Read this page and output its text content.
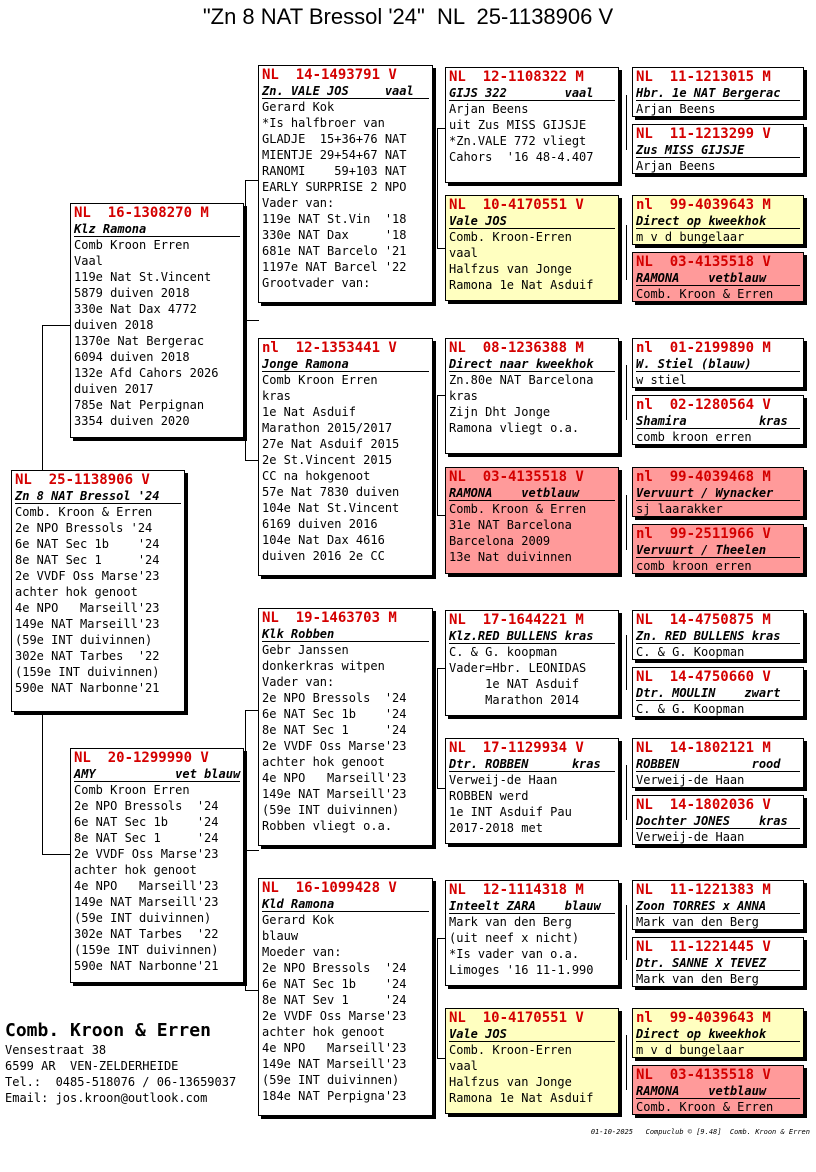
"Zn 8 NAT Bressol '24"  NL  25-1138906 V
NL  25-1138906 V
Zn 8 NAT Bressol '24
Comb. Kroon & Erren
2e NPO Bressols '24
6e NAT Sec 1b    '24
8e NAT Sec 1     '24
2e VVDF Oss Marse'23
achter hok genoot
4e NPO   Marseill'23
149e NAT Marseill'23
(59e INT duivinnen)
302e NAT Tarbes  '22
(159e INT duivinnen)
590e NAT Narbonne'21
NL  16-1308270 M
Klz Ramona
Comb Kroon Erren
Vaal
119e Nat St.Vincent
5879 duiven 2018
330e Nat Dax 4772
duiven 2018
1370e Nat Bergerac
6094 duiven 2018
132e Afd Cahors 2026
duiven 2017
785e Nat Perpignan
3354 duiven 2020
NL  20-1299990 V
AMY           vet blauw
Comb Kroon Erren
2e NPO Bressols  '24
6e NAT Sec 1b    '24
8e NAT Sec 1     '24
2e VVDF Oss Marse'23
achter hok genoot
4e NPO   Marseill'23
149e NAT Marseill'23
(59e INT duivinnen)
302e NAT Tarbes  '22
(159e INT duivinnen)
590e NAT Narbonne'21
NL  14-1493791 V
Zn. VALE JOS     vaal
Gerard Kok
*Is halfbroer van
GLADJE  15+36+76 NAT
MIENTJE 29+54+67 NAT
RANOMI    59+103 NAT
EARLY SURPRISE 2 NPO
Vader van:
119e NAT St.Vin  '18
330e NAT Dax     '18
681e NAT Barcelo '21
1197e NAT Barcel '22
Grootvader van:
nl  12-1353441 V
Jonge Ramona
Comb Kroon Erren
kras
1e Nat Asduif
Marathon 2015/2017
27e Nat Asduif 2015
2e St.Vincent 2015
CC na hokgenoot
57e Nat 7830 duiven
104e Nat St.Vincent
6169 duiven 2016
104e Nat Dax 4616
duiven 2016 2e CC
NL  19-1463703 M
Klk Robben
Gebr Janssen
donkerkras witpen
Vader van:
2e NPO Bressols  '24
6e NAT Sec 1b    '24
8e NAT Sec 1     '24
2e VVDF Oss Marse'23
achter hok genoot
4e NPO   Marseill'23
149e NAT Marseill'23
(59e INT duivinnen)
Robben vliegt o.a.
NL  16-1099428 V
Kld Ramona
Gerard Kok
blauw
Moeder van:
2e NPO Bressols  '24
6e NAT Sec 1b    '24
8e NAT Sev 1     '24
2e VVDF Oss Marse'23
achter hok genoot
4e NPO   Marseill'23
149e NAT Marseill'23
(59e INT duivinnen)
184e NAT Perpigna'23
NL  12-1108322 M
GIJS 322        vaal
Arjan Beens
uit Zus MISS GIJSJE
*Zn.VALE 772 vliegt
Cahors  '16 48-4.407
NL  10-4170551 V
Vale JOS
Comb. Kroon-Erren
vaal
Halfzus van Jonge
Ramona 1e Nat Asduif
NL  08-1236388 M
Direct naar kweekhok
Zn.80e NAT Barcelona
kras
Zijn Dht Jonge
Ramona vliegt o.a.
NL  03-4135518 V
RAMONA    vetblauw
Comb. Kroon & Erren
31e NAT Barcelona
Barcelona 2009
13e Nat duivinnen
NL  17-1644221 M
Klz.RED BULLENS kras
C. & G. koopman
Vader=Hbr. LEONIDAS
1e NAT Asduif
Marathon 2014
NL  17-1129934 V
Dtr. ROBBEN      kras
Verweij-de Haan
ROBBEN werd
1e INT Asduif Pau
2017-2018 met
NL  12-1114318 M
Inteelt ZARA    blauw
Mark van den Berg
(uit neef x nicht)
*Is vader van o.a.
Limoges '16 11-1.990
NL  10-4170551 V
Vale JOS
Comb. Kroon-Erren
vaal
Halfzus van Jonge
Ramona 1e Nat Asduif
NL  11-1213015 M
Hbr. 1e NAT Bergerac
Arjan Beens
NL  11-1213299 V
Zus MISS GIJSJE
Arjan Beens
nl  99-4039643 M
Direct op kweekhok
m v d bungelaar
NL  03-4135518 V
RAMONA    vetblauw
Comb. Kroon & Erren
nl  01-2199890 M
W. Stiel (blauw)
w stiel
nl  02-1280564 V
Shamira          kras
comb kroon erren
nl  99-4039468 M
Vervuurt / Wynacker
sj laarakker
nl  99-2511966 V
Vervuurt / Theelen
comb kroon erren
NL  14-4750875 M
Zn. RED BULLENS kras
C. & G. Koopman
NL  14-4750660 V
Dtr. MOULIN    zwart
C. & G. Koopman
NL  14-1802121 M
ROBBEN          rood
Verweij-de Haan
NL  14-1802036 V
Dochter JONES    kras
Verweij-de Haan
NL  11-1221383 M
Zoon TORRES x ANNA
Mark van den Berg
NL  11-1221445 V
Dtr. SANNE X TEVEZ
Mark van den Berg
nl  99-4039643 M
Direct op kweekhok
m v d bungelaar
NL  03-4135518 V
RAMONA    vetblauw
Comb. Kroon & Erren
Comb. Kroon & Erren
Vensestraat 38
6599 AR  VEN-ZELDERHEIDE
Tel.:  0485-518076 / 06-13659037
Email: jos.kroon@outlook.com
01-10-2025   Compuclub © [9.48]  Comb. Kroon & Erren
